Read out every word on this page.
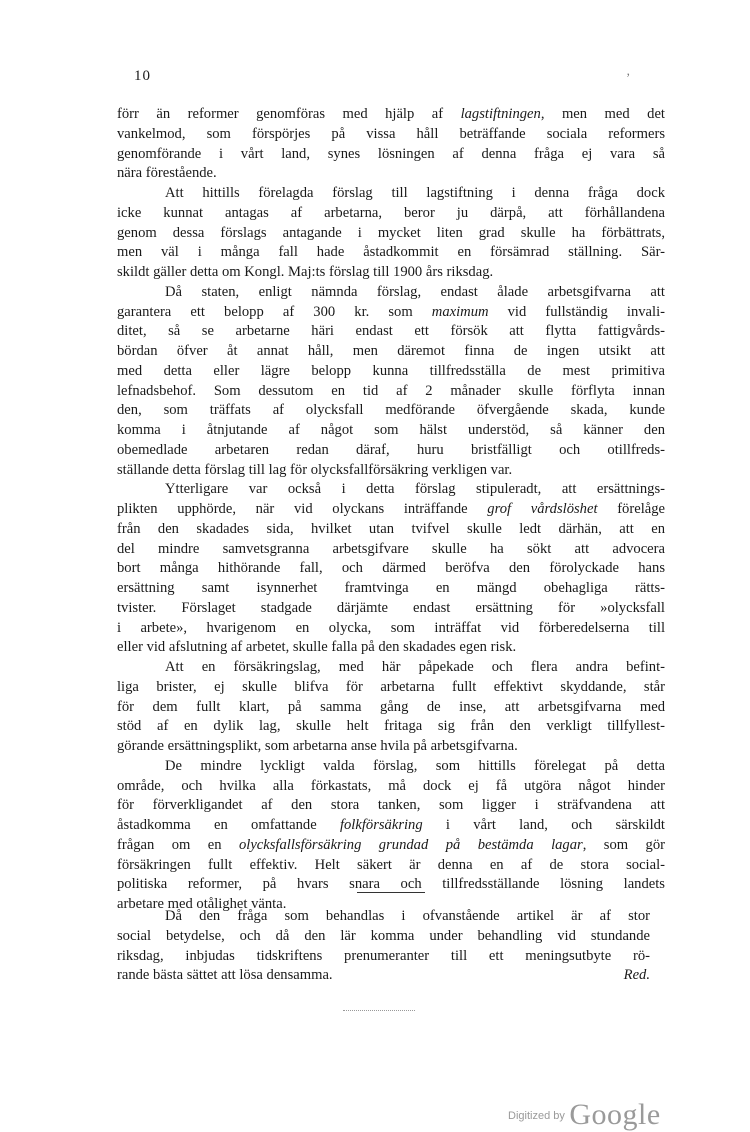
10	ʼ
förr än reformer genomföras med hjälp af lagstiftningen, men med det
vankelmod, som förspörjes på vissa håll beträffande sociala reformers
genomförande i vårt land, synes lösningen af denna fråga ej vara så
nära förestående.
Att hittills förelagda förslag till lagstiftning i denna fråga dock
icke kunnat antagas af arbetarna, beror ju därpå, att förhållandena
genom dessa förslags antagande i mycket liten grad skulle ha förbättrats,
men väl i många fall hade åstadkommit en försämrad ställning. Sär-
skildt gäller detta om Kongl. Maj:ts förslag till 1900 års riksdag.
Då staten, enligt nämnda förslag, endast ålade arbetsgifvarna att
garantera ett belopp af 300 kr. som maximum vid fullständig invali-
ditet, så se arbetarne häri endast ett försök att flytta fattigvårds-
bördan öfver åt annat håll, men däremot finna de ingen utsikt att
med detta eller lägre belopp kunna tillfredsställa de mest primitiva
lefnadsbehof. Som dessutom en tid af 2 månader skulle förflyta innan
den, som träffats af olycksfall medförande öfvergående skada, kunde
komma i åtnjutande af något som hälst understöd, så känner den
obemedlade arbetaren redan däraf, huru bristfälligt och otillfreds-
ställande detta förslag till lag för olycksfallförsäkring verkligen var.
Ytterligare var också i detta förslag stipuleradt, att ersättnings-
plikten upphörde, när vid olyckans inträffande grof vårdslöshet förelåge
från den skadades sida, hvilket utan tvifvel skulle ledt därhän, att en
del mindre samvetsgranna arbetsgifvare skulle ha sökt att advocera
bort många hithörande fall, och därmed beröfva den förolyckade hans
ersättning samt isynnerhet framtvinga en mängd obehagliga rätts-
tvister. Förslaget stadgade därjämte endast ersättning för »olycksfall
i arbete», hvarigenom en olycka, som inträffat vid förberedelserna till
eller vid afslutning af arbetet, skulle falla på den skadades egen risk.
Att en försäkringslag, med här påpekade och flera andra befint-
liga brister, ej skulle blifva för arbetarna fullt effektivt skyddande, står
för dem fullt klart, på samma gång de inse, att arbetsgifvarna med
stöd af en dylik lag, skulle helt fritaga sig från den verkligt tillfyllest-
görande ersättningsplikt, som arbetarna anse hvila på arbetsgifvarna.
De mindre lyckligt valda förslag, som hittills förelegat på detta
område, och hvilka alla förkastats, må dock ej få utgöra något hinder
för förverkligandet af den stora tanken, som ligger i sträfvandena att
åstadkomma en omfattande folkförsäkring i vårt land, och särskildt
frågan om en olycksfallsförsäkring grundad på bestämda lagar, som gör
försäkringen fullt effektiv. Helt säkert är denna en af de stora social-
politiska reformer, på hvars snara och tillfredsställande lösning landets
arbetare med otålighet vänta.
Då den fråga som behandlas i ofvanstående artikel är af stor
social betydelse, och då den lär komma under behandling vid stundande
riksdag, inbjudas tidskriftens prenumeranter till ett meningsutbyte rö-
rande bästa sättet att lösa densamma.	Red.
$^{Digitized by}$ Google
